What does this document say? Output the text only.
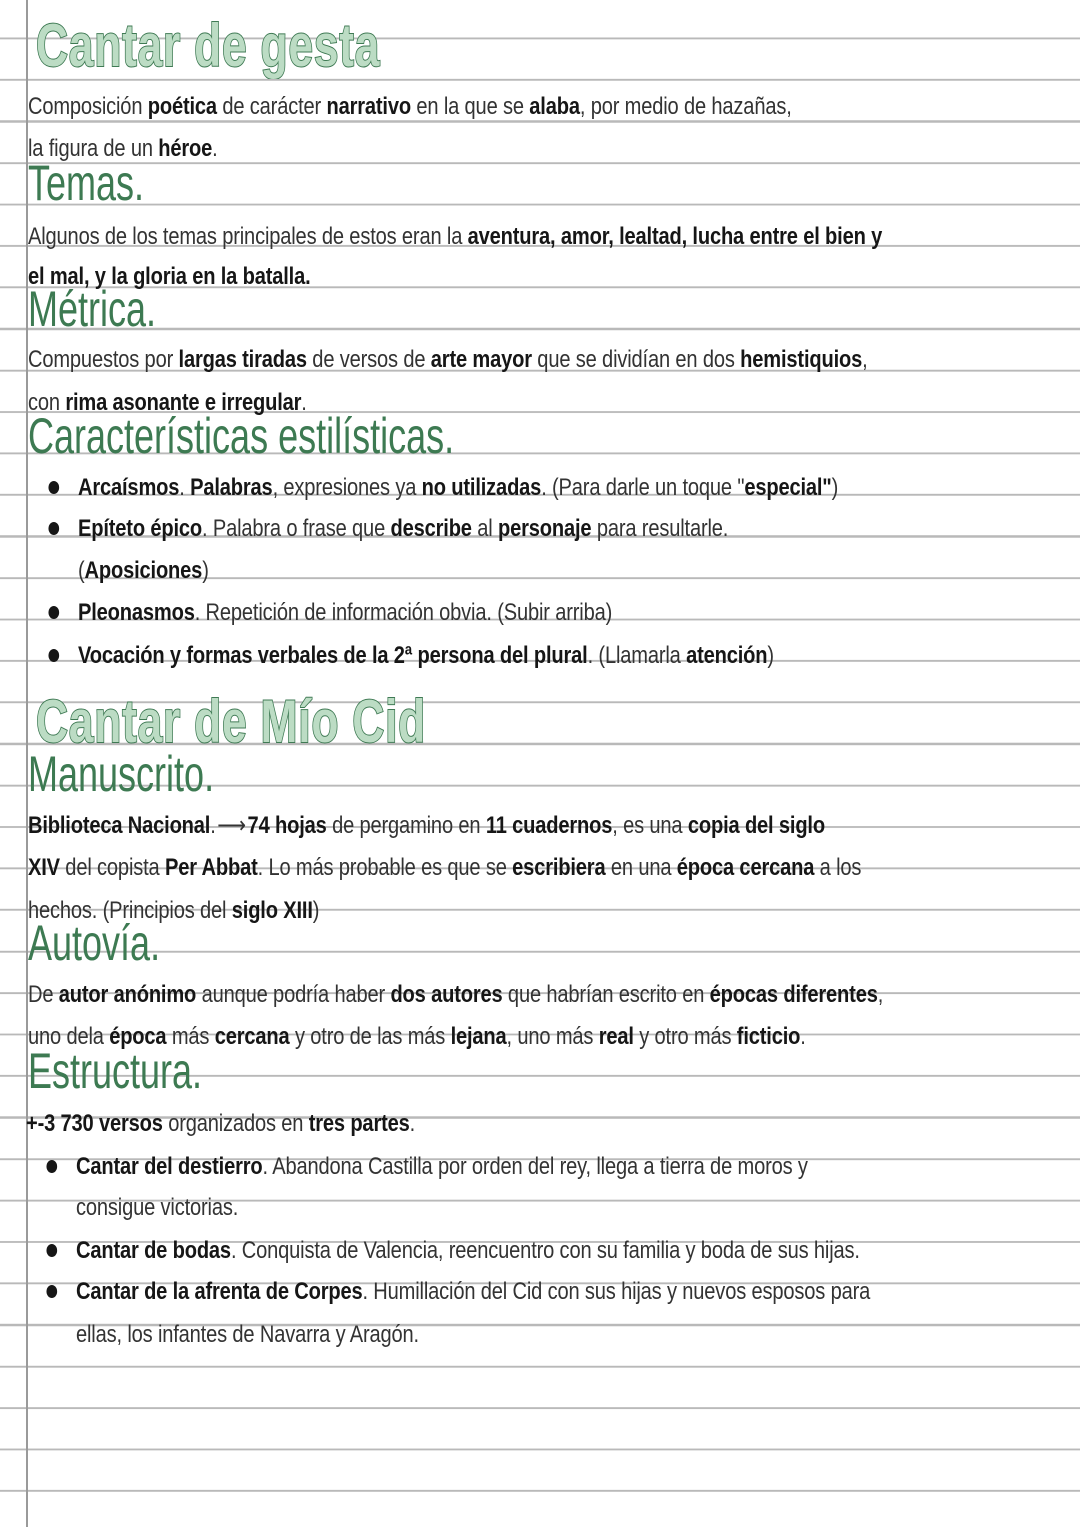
Cantar de gesta

Composición poética de carácter narrativo en la que se alaba, por medio de hazañas,

la figura de un héroe.

Temas.

Algunos de los temas principales de estos eran la aventura, amor, lealtad, lucha entre el bien y

el mal, y la gloria en la batalla.

Métrica.

Compuestos por largas tiradas de versos de arte mayor que se dividían en dos hemistiquios,

con rima asonante e irregular.

Características estilísticas.

Arcaísmos. Palabras, expresiones ya no utilizadas. (Para darle un toque "especial")

Epíteto épico. Palabra o frase que describe al personaje para resultarle.

(Aposiciones)

Pleonasmos. Repetición de información obvia. (Subir arriba)

Vocación y formas verbales de la 2ª persona del plural. (Llamarla atención)

Cantar de Mío Cid
Manuscrito.

Biblioteca Nacional.⟶74 hojas de pergamino en 11 cuadernos, es una copia del siglo

XIV del copista Per Abbat. Lo más probable es que se escribiera en una época cercana a los

hechos. (Principios del siglo XIII)

Autovía.

De autor anónimo aunque podría haber dos autores que habrían escrito en épocas diferentes,

uno dela época más cercana y otro de las más lejana, uno más real y otro más ficticio.

Estructura.

+-3 730 versos organizados en tres partes.

Cantar del destierro. Abandona Castilla por orden del rey, llega a tierra de moros y

consigue victorias.

Cantar de bodas. Conquista de Valencia, reencuentro con su familia y boda de sus hijas.

Cantar de la afrenta de Corpes. Humillación del Cid con sus hijas y nuevos esposos para

ellas, los infantes de Navarra y Aragón.
